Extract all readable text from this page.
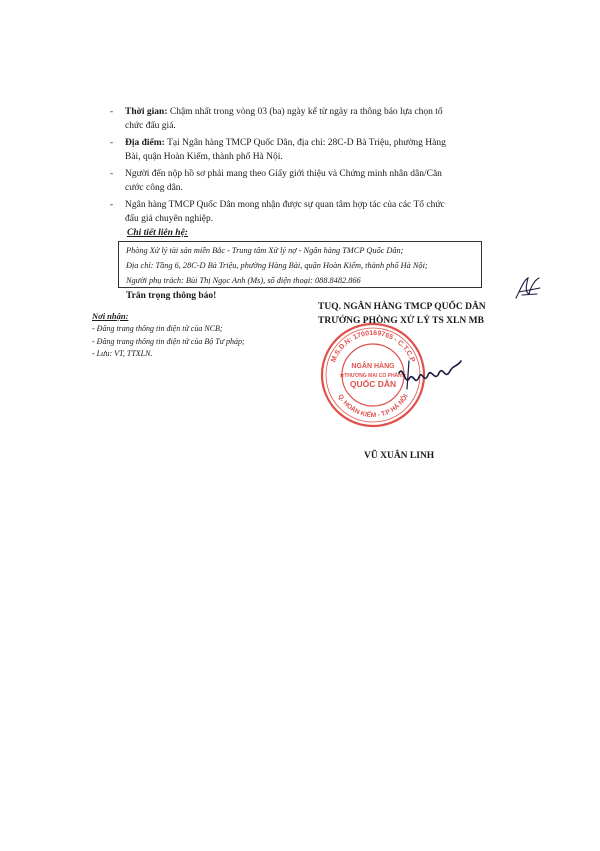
- Thời gian: Chậm nhất trong vòng 03 (ba) ngày kể từ ngày ra thông báo lựa chọn tổ
chức đấu giá.
- Địa điểm: Tại Ngân hàng TMCP Quốc Dân, địa chỉ: 28C-D Bà Triệu, phường Hàng
Bài, quận Hoàn Kiếm, thành phố Hà Nội.
- Người đến nộp hồ sơ phải mang theo Giấy giới thiệu và Chứng minh nhân dân/Căn
cước công dân.
- Ngân hàng TMCP Quốc Dân mong nhận được sự quan tâm hợp tác của các Tổ chức
đấu giá chuyên nghiệp.
Chi tiết liên hệ:
Phòng Xử lý tài sản miền Bắc - Trung tâm Xử lý nợ - Ngân hàng TMCP Quốc Dân;
Địa chỉ: Tầng 6, 28C-D Bà Triệu, phường Hàng Bài, quận Hoàn Kiếm, thành phố Hà Nội;
Người phụ trách: Bùi Thị Ngọc Anh (Ms), số điện thoại: 088.8482.866
Trân trọng thông báo!
Nơi nhận:
- Đăng trang thông tin điện tử của NCB;
- Đăng trang thông tin điện tử của Bộ Tư pháp;
- Lưu: VT, TTXLN.
TUQ. NGÂN HÀNG TMCP QUỐC DÂN
TRƯỞNG PHÒNG XỬ LÝ TS XLN MB
M.S.D.N: 1700169765 - C.T.C.P
Q. HOÀN KIẾM - T.P HÀ NỘI
NGÂN HÀNG
THƯƠNG MẠI CỔ PHẦN
QUỐC DÂN
★	★
VŨ XUÂN LINH
